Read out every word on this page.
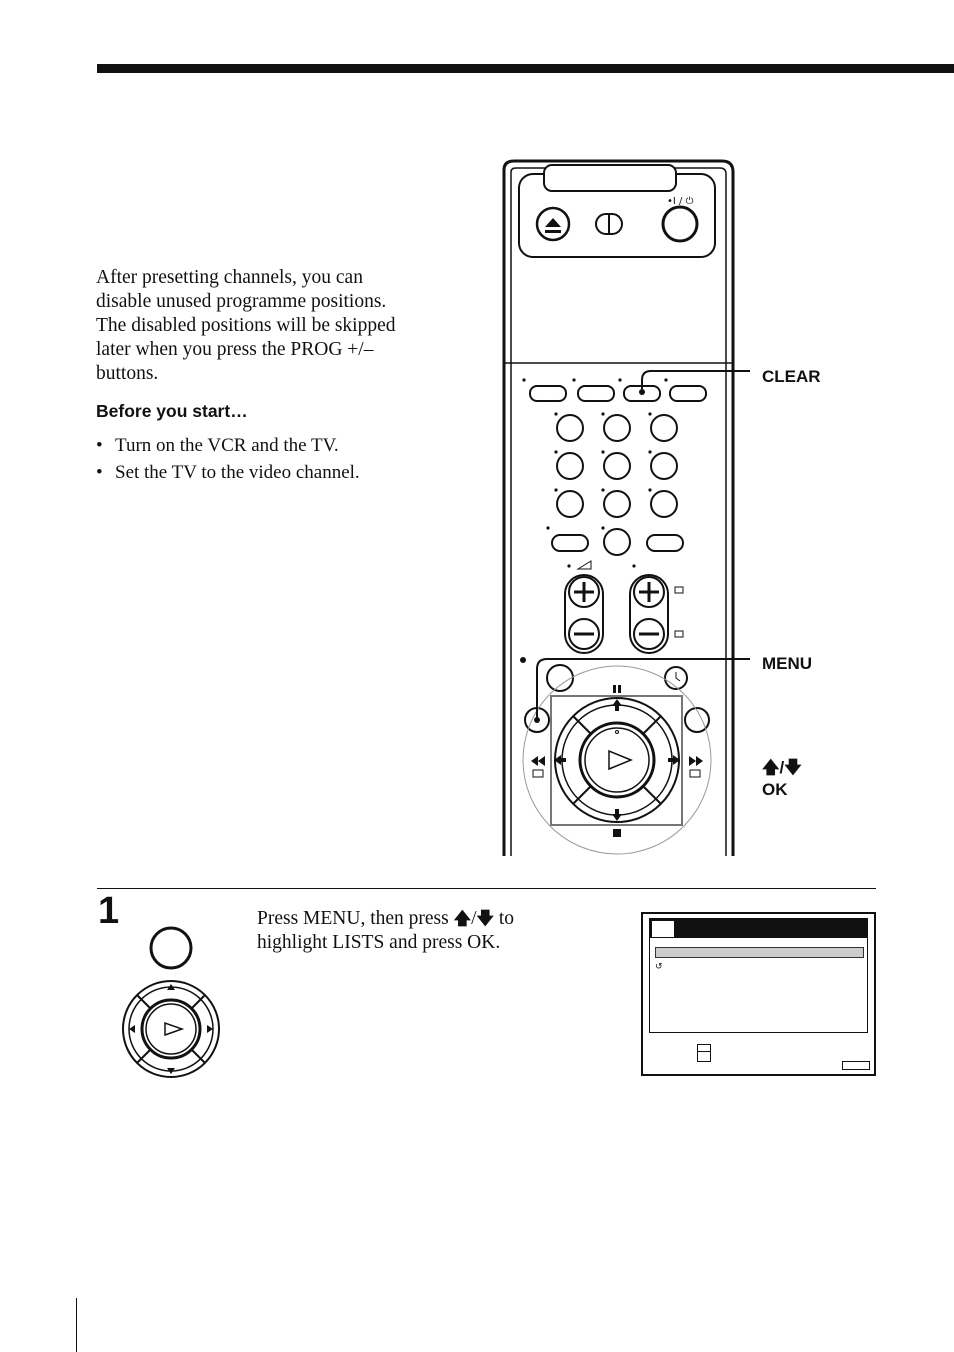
After presetting channels, you can
disable unused programme positions.
The disabled positions will be skipped
later when you press the PROG +/–
buttons.
Before you start…
• Turn on the VCR and the TV.
• Set the TV to the video channel.
•I / ⏻
CLEAR
MENU
🡅/🡇
OK
1	Press MENU, then press 🡅/🡇 to
highlight LISTS and press OK.
↺
